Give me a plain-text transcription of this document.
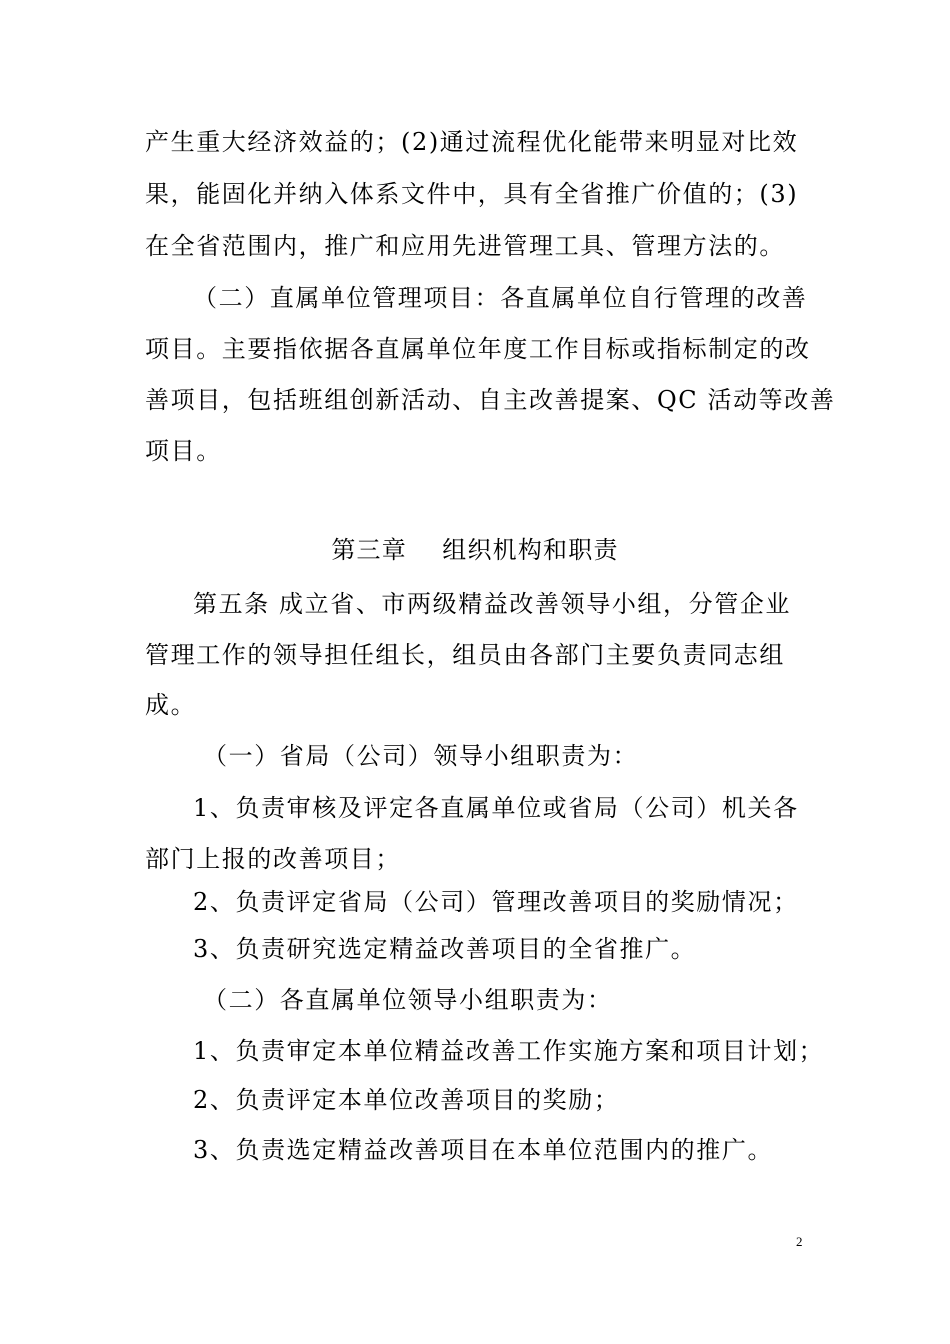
产生重大经济效益的；(2)通过流程优化能带来明显对比效
果，能固化并纳入体系文件中，具有全省推广价值的；(3)
在全省范围内，推广和应用先进管理工具、管理方法的。
（二）直属单位管理项目：各直属单位自行管理的改善
项目。主要指依据各直属单位年度工作目标或指标制定的改
善项目，包括班组创新活动、自主改善提案、QC 活动等改善
项目。
第三章    组织机构和职责
第五条 成立省、市两级精益改善领导小组，分管企业
管理工作的领导担任组长，组员由各部门主要负责同志组
成。
（一）省局（公司）领导小组职责为：
1、负责审核及评定各直属单位或省局（公司）机关各
部门上报的改善项目；
2、负责评定省局（公司）管理改善项目的奖励情况；
3、负责研究选定精益改善项目的全省推广。
（二）各直属单位领导小组职责为：
1、负责审定本单位精益改善工作实施方案和项目计划；
2、负责评定本单位改善项目的奖励；
3、负责选定精益改善项目在本单位范围内的推广。
2
